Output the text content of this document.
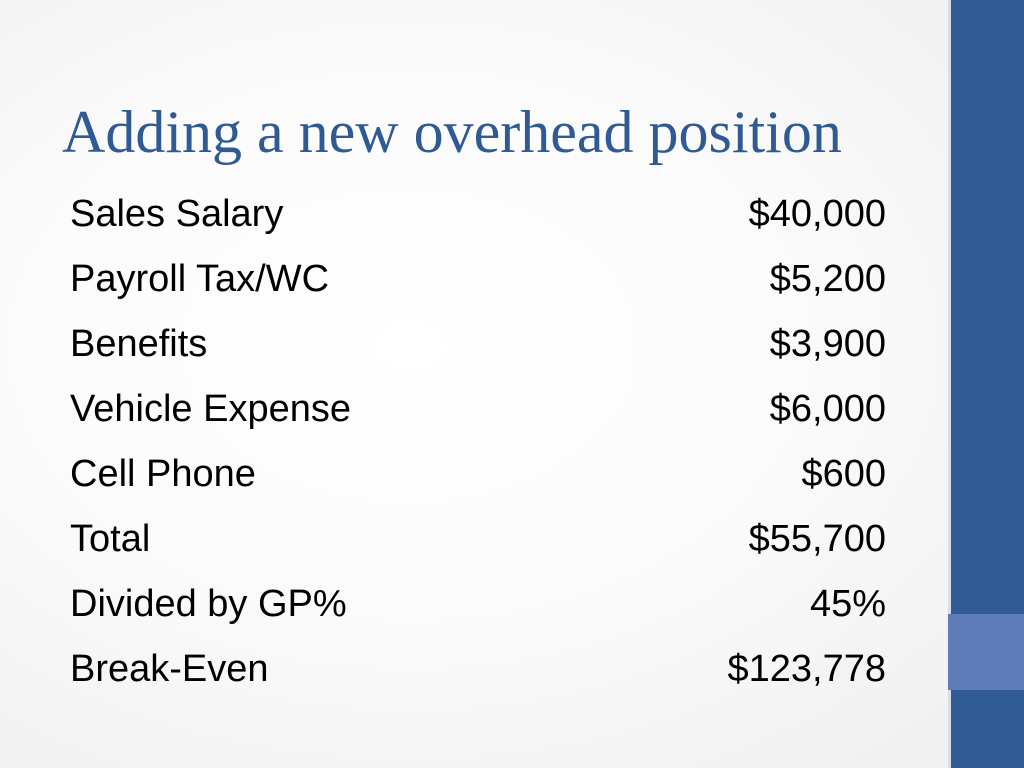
Adding a new overhead position
Sales Salary	$40,000
Payroll Tax/WC	$5,200
Benefits	$3,900
Vehicle Expense	$6,000
Cell Phone	$600
Total	$55,700
Divided by GP%	45%
Break-Even	$123,778
